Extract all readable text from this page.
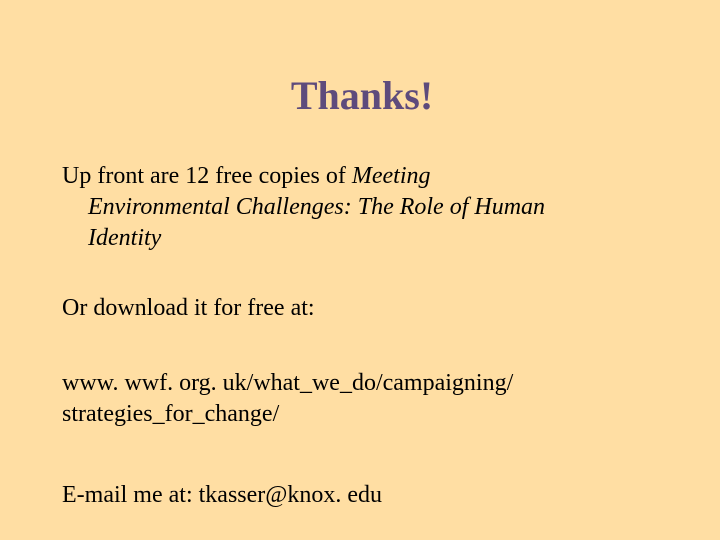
Thanks!
Up front are 12 free copies of Meeting
Environmental Challenges: The Role of Human
Identity
Or download it for free at:
www. wwf. org. uk/what_we_do/campaigning/
strategies_for_change/
E-mail me at: tkasser@knox. edu
